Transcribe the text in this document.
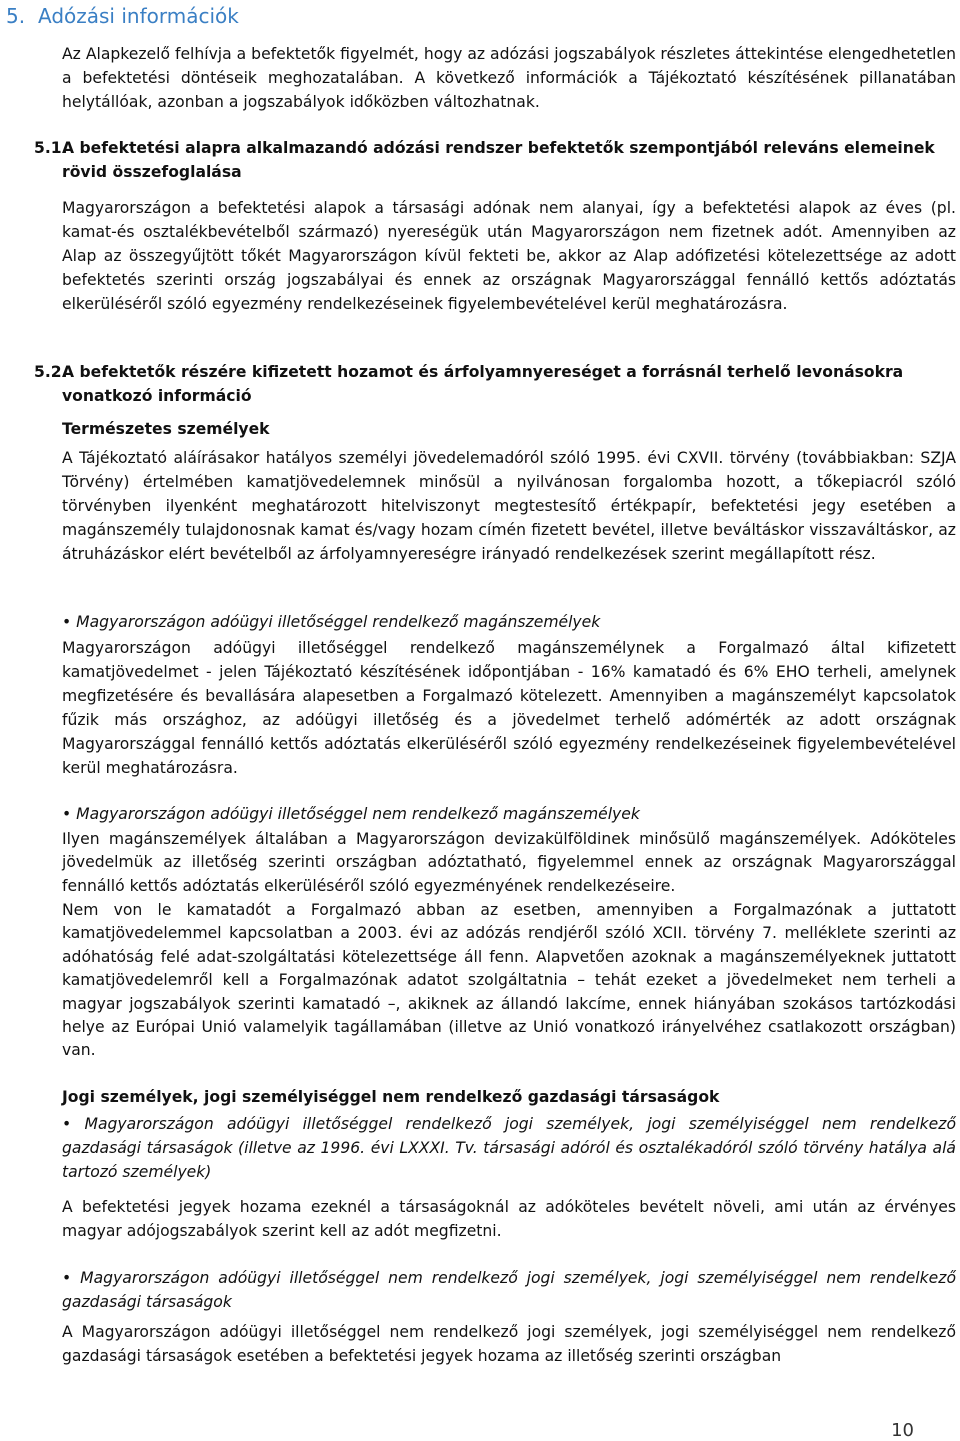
5. Adózási információk
Az Alapkezelő felhívja a befektetők figyelmét, hogy az adózási jogszabályok részletes áttekintése elengedhetetlen a befektetési döntéseik meghozatalában. A következő információk a Tájékoztató készítésének pillanatában helytállóak, azonban a jogszabályok időközben változhatnak.
5.1.A befektetési alapra alkalmazandó adózási rendszer befektetők szempontjából releváns elemeinek
rövid összefoglalása
Magyarországon a befektetési alapok a társasági adónak nem alanyai, így a befektetési alapok az éves (pl. kamat-és osztalékbevételből származó) nyereségük után Magyarországon nem fizetnek adót. Amennyiben az Alap az összegyűjtött tőkét Magyarországon kívül fekteti be, akkor az Alap adófizetési kötelezettsége az adott befektetés szerinti ország jogszabályai és ennek az országnak Magyarországgal fennálló kettős adóztatás elkerüléséről szóló egyezmény rendelkezéseinek figyelembevételével kerül meghatározásra.
5.2.A befektetők részére kifizetett hozamot és árfolyamnyereséget a forrásnál terhelő levonásokra
vonatkozó információ
Természetes személyek
A Tájékoztató aláírásakor hatályos személyi jövedelemadóról szóló 1995. évi CXVII. törvény (továbbiakban: SZJA Törvény) értelmében kamatjövedelemnek minősül a nyilvánosan forgalomba hozott, a tőkepiacról szóló törvényben ilyenként meghatározott hitelviszonyt megtestesítő értékpapír, befektetési jegy esetében a magánszemély tulajdonosnak kamat és/vagy hozam címén fizetett bevétel, illetve beváltáskor visszaváltáskor, az átruházáskor elért bevételből az árfolyamnyereségre irányadó rendelkezések szerint megállapított rész.
• Magyarországon adóügyi illetőséggel rendelkező magánszemélyek
Magyarországon adóügyi illetőséggel rendelkező magánszemélynek a Forgalmazó által kifizetett kamatjövedelmet - jelen Tájékoztató készítésének időpontjában - 16% kamatadó és 6% EHO terheli, amelynek megfizetésére és bevallására alapesetben a Forgalmazó kötelezett. Amennyiben a magánszemélyt kapcsolatok fűzik más országhoz, az adóügyi illetőség és a jövedelmet terhelő adómérték az adott országnak Magyarországgal fennálló kettős adóztatás elkerüléséről szóló egyezmény rendelkezéseinek figyelembevételével kerül meghatározásra.
• Magyarországon adóügyi illetőséggel nem rendelkező magánszemélyek
Ilyen magánszemélyek általában a Magyarországon devizakülföldinek minősülő magánszemélyek. Adóköteles jövedelmük az illetőség szerinti országban adóztatható, figyelemmel ennek az országnak Magyarországgal fennálló kettős adóztatás elkerüléséről szóló egyezményének rendelkezéseire.
Nem von le kamatadót a Forgalmazó abban az esetben, amennyiben a Forgalmazónak a juttatott kamatjövedelemmel kapcsolatban a 2003. évi az adózás rendjéről szóló XCII. törvény 7. melléklete szerinti az adóhatóság felé adat-szolgáltatási kötelezettsége áll fenn. Alapvetően azoknak a magánszemélyeknek juttatott kamatjövedelemről kell a Forgalmazónak adatot szolgáltatnia – tehát ezeket a jövedelmeket nem terheli a magyar jogszabályok szerinti kamatadó –, akiknek az állandó lakcíme, ennek hiányában szokásos tartózkodási helye az Európai Unió valamelyik tagállamában (illetve az Unió vonatkozó irányelvéhez csatlakozott országban) van.
Jogi személyek, jogi személyiséggel nem rendelkező gazdasági társaságok
• Magyarországon adóügyi illetőséggel rendelkező jogi személyek, jogi személyiséggel nem rendelkező gazdasági társaságok (illetve az 1996. évi LXXXI. Tv. társasági adóról és osztalékadóról szóló törvény hatálya alá tartozó személyek)
A befektetési jegyek hozama ezeknél a társaságoknál az adóköteles bevételt növeli, ami után az érvényes magyar adójogszabályok szerint kell az adót megfizetni.
• Magyarországon adóügyi illetőséggel nem rendelkező jogi személyek, jogi személyiséggel nem rendelkező gazdasági társaságok
A Magyarországon adóügyi illetőséggel nem rendelkező jogi személyek, jogi személyiséggel nem rendelkező gazdasági társaságok esetében a befektetési jegyek hozama az illetőség szerinti országban
10
